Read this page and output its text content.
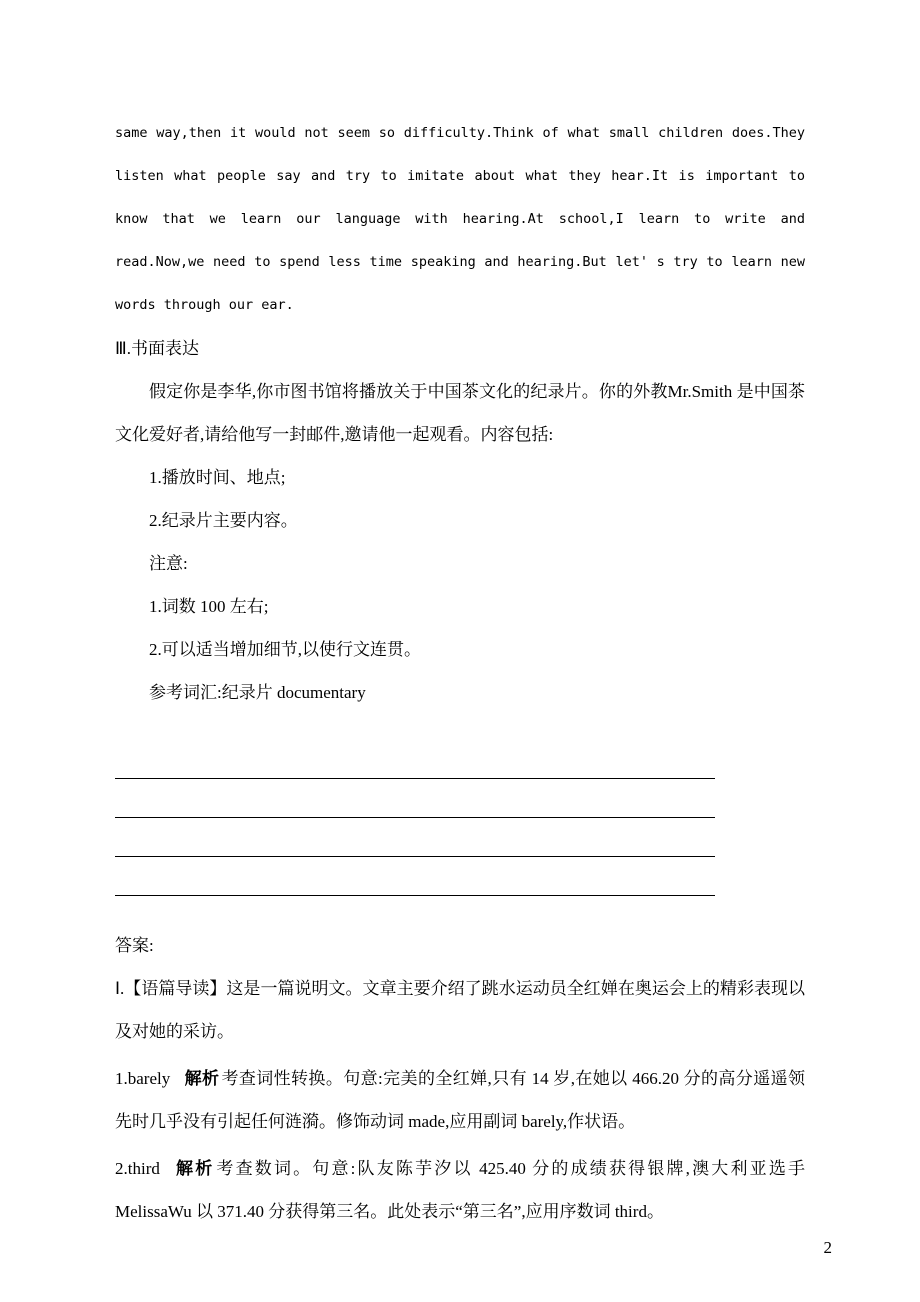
same way,then it would not seem so difficulty.Think of what small children does.They
listen what people say and try to imitate about what they hear.It is important to
know that we learn our language with hearing.At school,I learn to write and
read.Now,we need to spend less time speaking and hearing.But let' s try to learn new
words through our ear.

Ⅲ.书面表达

假定你是李华,你市图书馆将播放关于中国茶文化的纪录片。你的外教Mr.Smith 是中国茶文化爱好者,请给他写一封邮件,邀请他一起观看。内容包括:

1.播放时间、地点;

2.纪录片主要内容。

注意:

1.词数 100 左右;

2.可以适当增加细节,以使行文连贯。

参考词汇:纪录片 documentary

答案:

Ⅰ.【语篇导读】这是一篇说明文。文章主要介绍了跳水运动员全红婵在奥运会上的精彩表现以及对她的采访。

1.barely 解析 考查词性转换。句意:完美的全红婵,只有 14 岁,在她以 466.20 分的高分遥遥领先时几乎没有引起任何涟漪。修饰动词 made,应用副词 barely,作状语。

2.third 解析 考查数词。句意:队友陈芋汐以 425.40 分的成绩获得银牌,澳大利亚选手 MelissaWu 以 371.40 分获得第三名。此处表示“第三名”,应用序数词 third。

2
